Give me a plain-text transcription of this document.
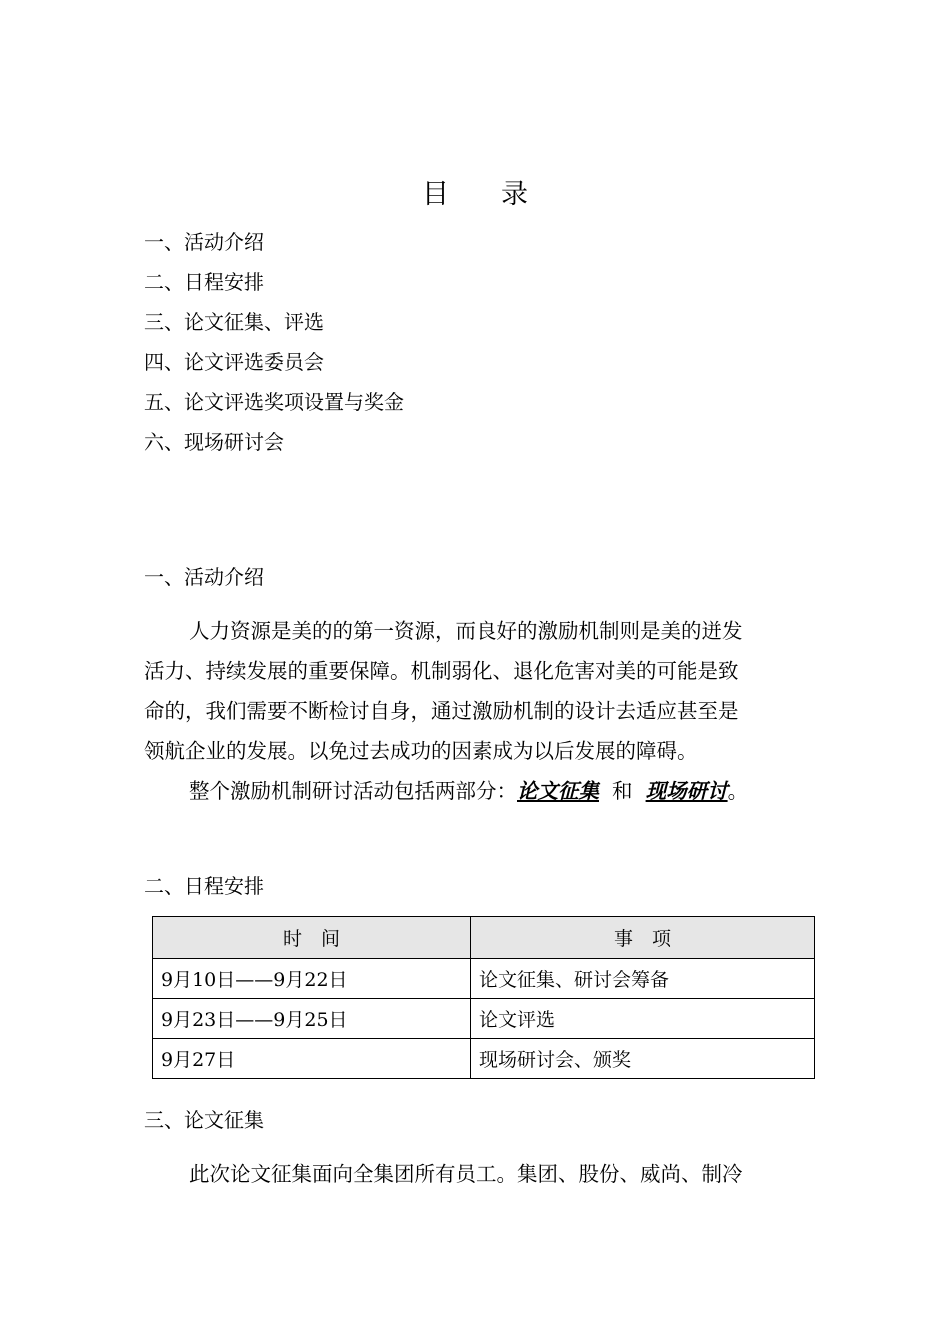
目 录
一、活动介绍
二、日程安排
三、论文征集、评选
四、论文评选委员会
五、论文评选奖项设置与奖金
六、现场研讨会
一、活动介绍

人力资源是美的的第一资源，而良好的激励机制则是美的迸发

活力、持续发展的重要保障。机制弱化、退化危害对美的可能是致

命的，我们需要不断检讨自身，通过激励机制的设计去适应甚至是

领航企业的发展。以免过去成功的因素成为以后发展的障碍。

整个激励机制研讨活动包括两部分：论文征集 和 现场研讨。

二、日程安排
时　间	事　项
9月10日——9月22日	论文征集、研讨会筹备
9月23日——9月25日	论文评选
9月27日	现场研讨会、颁奖
三、论文征集

此次论文征集面向全集团所有员工。集团、股份、威尚、制冷
